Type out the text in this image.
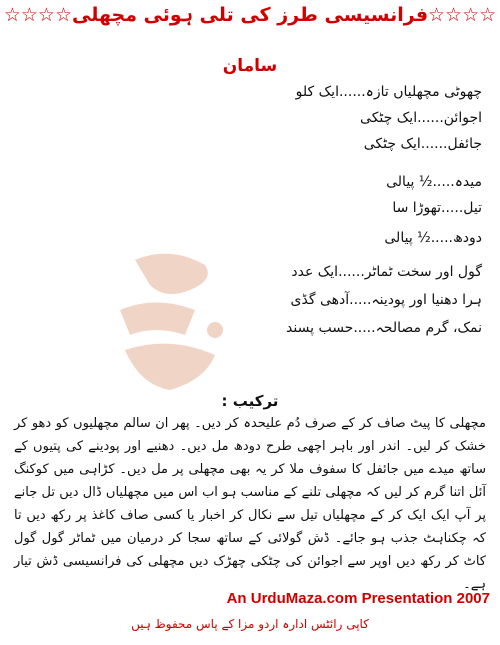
☆☆☆☆فرانسیسی طرز کی تلی ہوئی مچھلی☆☆☆☆
سامان
چھوٹی مچھلیاں تازہ......ایک کلو
اجوائن......ایک چٹکی
جائفل......ایک چٹکی
میدہ.....½ پیالی
تیل.....تھوڑا سا
دودھ.....½ پیالی
گول اور سخت ٹماٹر......ایک عدد
ہرا دھنیا اور پودینہ.....آدھی گڈی
نمک، گرم مصالحہ.....حسب پسند
ترکیب :

مچھلی کا پیٹ صاف کر کے صرف دُم علیحدہ کر دیں۔ پھر ان سالم مچھلیوں کو دھو کر خشک کر لیں۔ اندر اور باہر اچھی طرح دودھ مل دیں۔ دھنیے اور پودینے کی پتیوں کے ساتھ میدے میں جائفل کا سفوف ملا کر یہ بھی مچھلی پر مل دیں۔ کڑاہی میں کوکنگ آئل اتنا گرم کر لیں کہ مچھلی تلنے کے مناسب ہو اب اس میں مچھلیاں ڈال دیں تل جانے پر آپ ایک ایک کر کے مچھلیاں تیل سے نکال کر اخبار یا کسی صاف کاغذ پر رکھ دیں تا کہ چکناہٹ جذب ہو جائے۔ ڈش گولائی کے ساتھ سجا کر درمیان میں ٹماٹر گول گول کاٹ کر رکھ دیں اوپر سے اجوائن کی چٹکی چھڑک دیں مچھلی کی فرانسیسی ڈش تیار ہے۔

An UrduMaza.com Presentation 2007
کاپی رائٹس ادارہ اردو مزا کے پاس محفوظ ہیں
